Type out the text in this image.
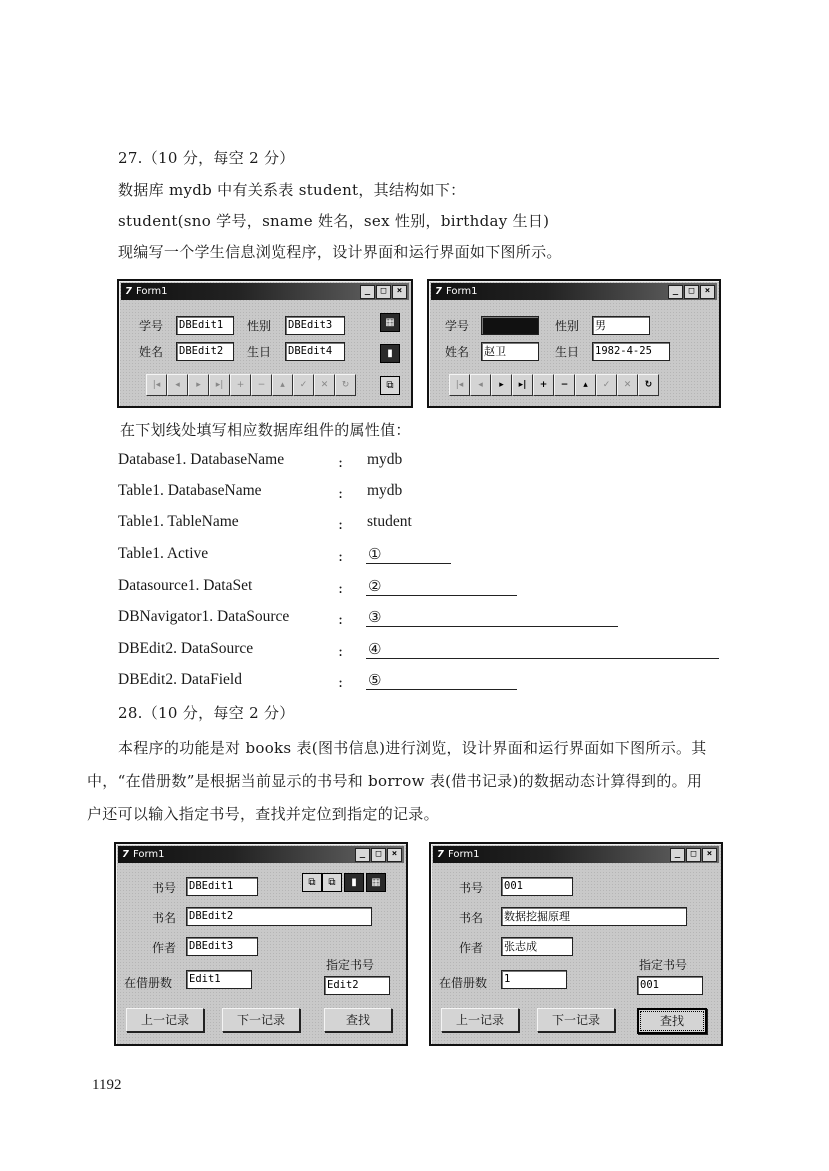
27.（10 分，每空 2 分）
数据库 mydb 中有关系表 student，其结构如下：
student(sno 学号，sname 姓名，sex 性别，birthday 生日)
现编写一个学生信息浏览程序，设计界面和运行界面如下图所示。
7 Form1	_	□	×
学号 DBEdit1	性别 DBEdit3
姓名 DBEdit2	生日 DBEdit4
▦
▮
⧉
|◂	◂	▸	▸|	+	−	▴	✓	✕	↻
7 Form1	_	□	×
学号	性别 男
姓名 赵卫	生日 1982-4-25
|◂	◂	▸	▸|	+	−	▴	✓	✕	↻
在下划线处填写相应数据库组件的属性值：
Database1. DatabaseName	: mydb
Table1. DatabaseName	: mydb
Table1. TableName	: student
Table1. Active	: ①
Datasource1. DataSet	: ②
DBNavigator1. DataSource	: ③
DBEdit2. DataSource	: ④
DBEdit2. DataField	: ⑤
28.（10 分，每空 2 分）
本程序的功能是对 books 表(图书信息)进行浏览，设计界面和运行界面如下图所示。其
中，“在借册数”是根据当前显示的书号和 borrow 表(借书记录)的数据动态计算得到的。用
户还可以输入指定书号，查找并定位到指定的记录。
7 Form1	_	□	×
书号 DBEdit1	⧉	⧉	▮	▦
书名 DBEdit2
作者 DBEdit3
指定书号
在借册数 Edit1	Edit2
上一记录	下一记录	查找
7 Form1	_	□	×
书号 001
书名 数据挖掘原理
作者 张志成
指定书号
在借册数 1	001
上一记录	下一记录	查找
1192
